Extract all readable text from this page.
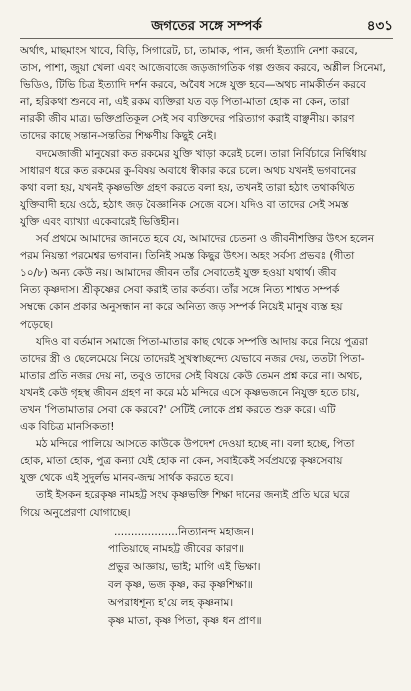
জগতের সঙ্গে সম্পর্ক	৪৩১
অর্থাৎ, মাছমাংস খাবে, বিড়ি, সিগারেট, চা, তামাক, পান, জর্দা ইত্যাদি নেশা করবে,
তাস, পাশা, জুয়া খেলা এবং আজেবাজে জড়জাগতিক গল্প গুজব করবে, অশ্লীল সিনেমা,
ভিডিও, টিভি চিত্র ইত্যাদি দর্শন করবে, অবৈধ সঙ্গে যুক্ত হবে—অথচ নামকীর্তন করবে
না, হরিকথা শুনবে না, এই রকম ব্যক্তিরা যত বড় পিতা-মাতা হোক না কেন, তারা
নারকী জীব মাত্র। ভক্তিপ্রতিকূল সেই সব ব্যক্তিদের পরিত্যাগ করাই বাঞ্ছনীয়। কারণ
তাদের কাছে সন্তান-সন্ততির শিক্ষণীয় কিছুই নেই।
বদমেজাজী মানুষেরা কত রকমের যুক্তি খাড়া করেই চলে। তারা নির্বিচারে নির্দ্বিধায়
সাধারণ ধরে কত রকমের কু-বিষয় অবাধে স্বীকার করে চলে। অথচ যখনই ভগবানের
কথা বলা হয়, যখনই কৃষ্ণভক্তি গ্রহণ করতে বলা হয়, তখনই তারা হঠাৎ তথাকথিত
যুক্তিবাদী হয়ে ওঠে, হঠাৎ জড় বৈজ্ঞানিক সেজে বসে। যদিও বা তাদের সেই সমস্ত
যুক্তি এবং ব্যাখ্যা একেবারেই ভিত্তিহীন।
সর্ব প্রথমে আমাদের জানতে হবে যে, আমাদের চেতনা ও জীবনীশক্তির উৎস হলেন
পরম নিয়ন্তা পরমেশ্বর ভগবান। তিনিই সমস্ত কিছুর উৎস। অহং সর্বস্য প্রভবঃ (গীতা
১০/৮) অন্য কেউ নয়। আমাদের জীবন তাঁর সেবাতেই যুক্ত হওয়া যথার্থ। জীব
নিত্য কৃষ্ণদাস। শ্রীকৃষ্ণের সেবা করাই তার কর্তব্য। তাঁর সঙ্গে নিত্য শাশ্বত সম্পর্ক
সম্বন্ধে কোন প্রকার অনুসন্ধান না করে অনিত্য জড় সম্পর্ক নিয়েই মানুষ ব্যস্ত হয়
পড়েছে।
যদিও বা বর্তমান সমাজে পিতা-মাতার কাছ থেকে সম্পত্তি আদায় করে নিয়ে পুত্ররা
তাদের স্ত্রী ও ছেলেমেয়ে নিয়ে তাদেরই সুখস্বাচ্ছন্দ্যে যেভাবে নজর দেয়, ততটা পিতা-
মাতার প্রতি নজর দেয় না, তবুও তাদের সেই বিষয়ে কেউ তেমন প্রশ্ন করে না। অথচ,
যখনই কেউ গৃহস্থ জীবন গ্রহণ না করে মঠ মন্দিরে এসে কৃষ্ণভজনে নিযুক্ত হতে চায়,
তখন 'পিতামাতার সেবা কে করবে?' সেটিই লোকে প্রশ্ন করতে শুরু করে। এটি
এক বিচিত্র মানসিকতা!
মঠ মন্দিরে পালিয়ে আসতে কাউকে উপদেশ দেওয়া হচ্ছে না। বলা হচ্ছে, পিতা
হোক, মাতা হোক, পুত্র কন্যা যেই হোক না কেন, সবাইকেই সর্বপ্রযত্নে কৃষ্ণসেবায়
যুক্ত থেকে এই সুদুর্লভ মানব-জন্ম সার্থক করতে হবে।
তাই ইসকন হরেকৃষ্ণ নামহট্ট সংঘ কৃষ্ণভক্তি শিক্ষা দানের জন্যই প্রতি ঘরে ঘরে
গিয়ে অনুপ্রেরণা যোগাচ্ছে।
...................নিত্যানন্দ মহাজন।
পাতিয়াছে নামহট্ট জীবের কারণ॥
প্রভুর আজ্ঞায়, ভাই; মাগি এই ভিক্ষা।
বল কৃষ্ণ, ভজ কৃষ্ণ, কর কৃষ্ণশিক্ষা॥
অপরাধশূন্য হ'য়ে লহ কৃষ্ণনাম।
কৃষ্ণ মাতা, কৃষ্ণ পিতা, কৃষ্ণ ধন প্রাণ॥
